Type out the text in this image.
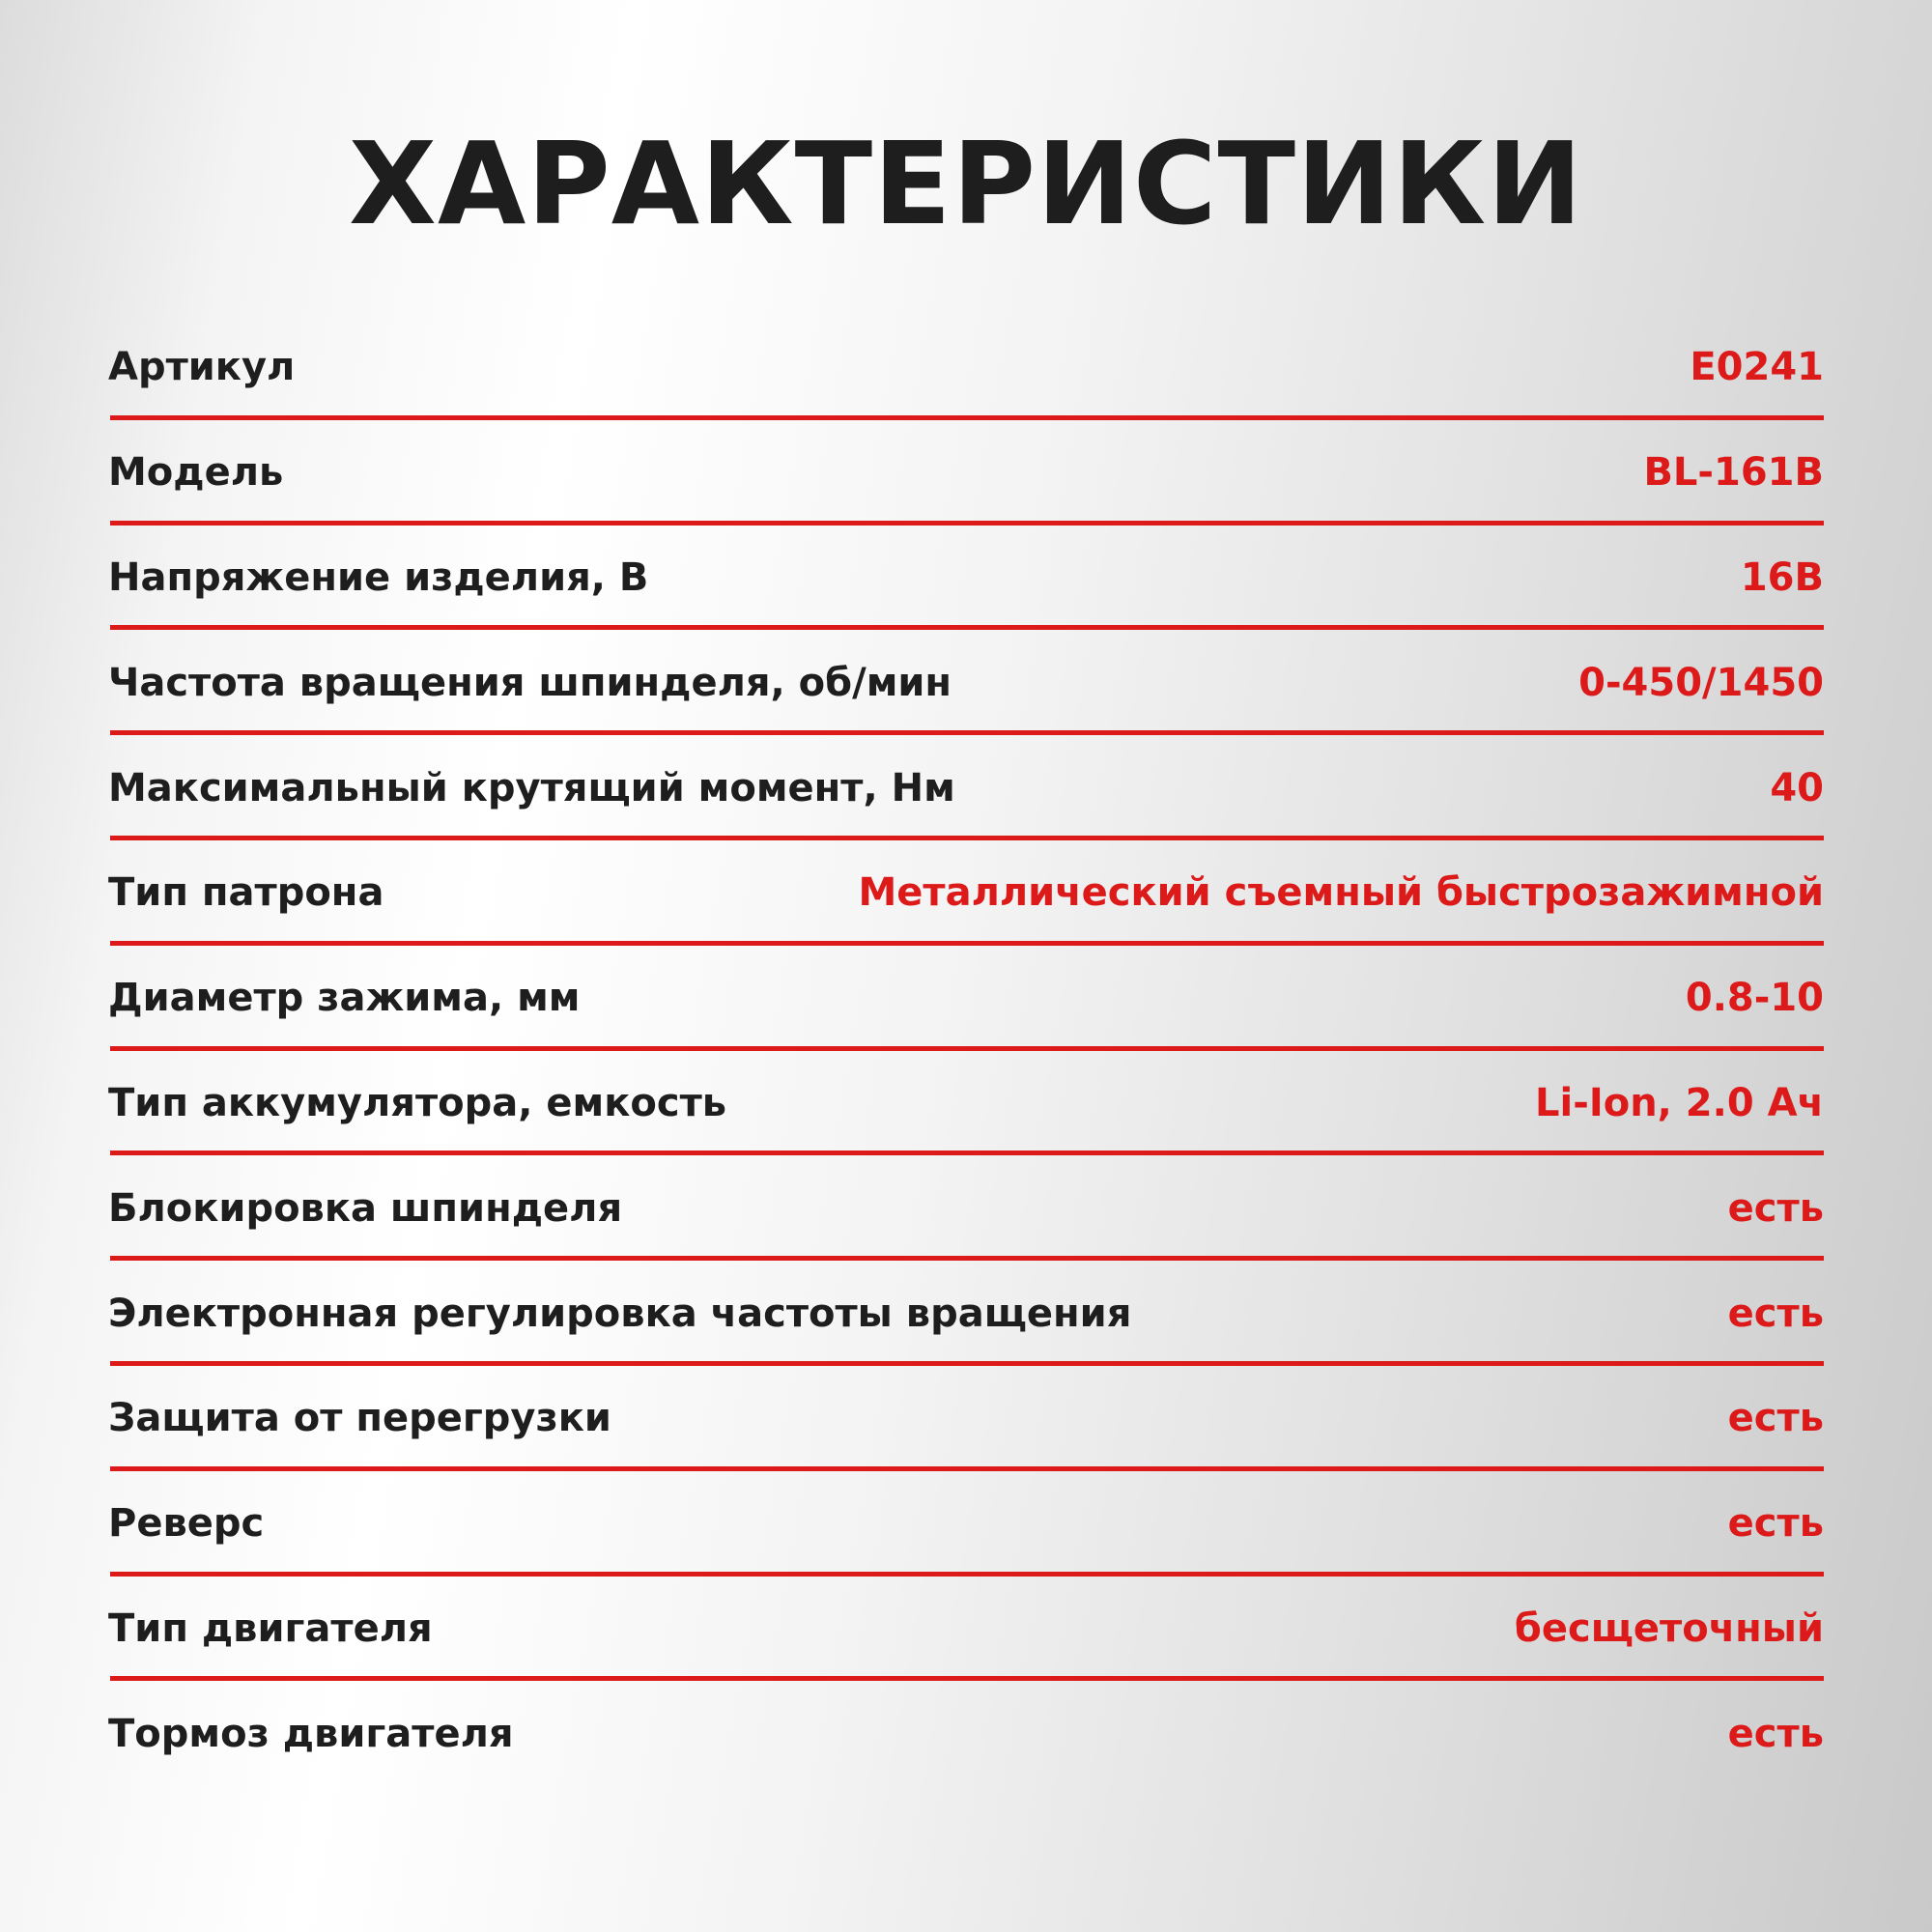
ХАРАКТЕРИСТИКИ
Артикул	E0241
Модель	BL-161B
Напряжение изделия, В	16В
Частота вращения шпинделя, об/мин	0-450/1450
Максимальный крутящий момент, Нм	40
Тип патрона	Металлический съемный быстрозажимной
Диаметр зажима, мм	0.8-10
Тип аккумулятора, емкость	Li-Ion, 2.0 Ач
Блокировка шпинделя	есть
Электронная регулировка частоты вращения	есть
Защита от перегрузки	есть
Реверс	есть
Тип двигателя	бесщеточный
Тормоз двигателя	есть
